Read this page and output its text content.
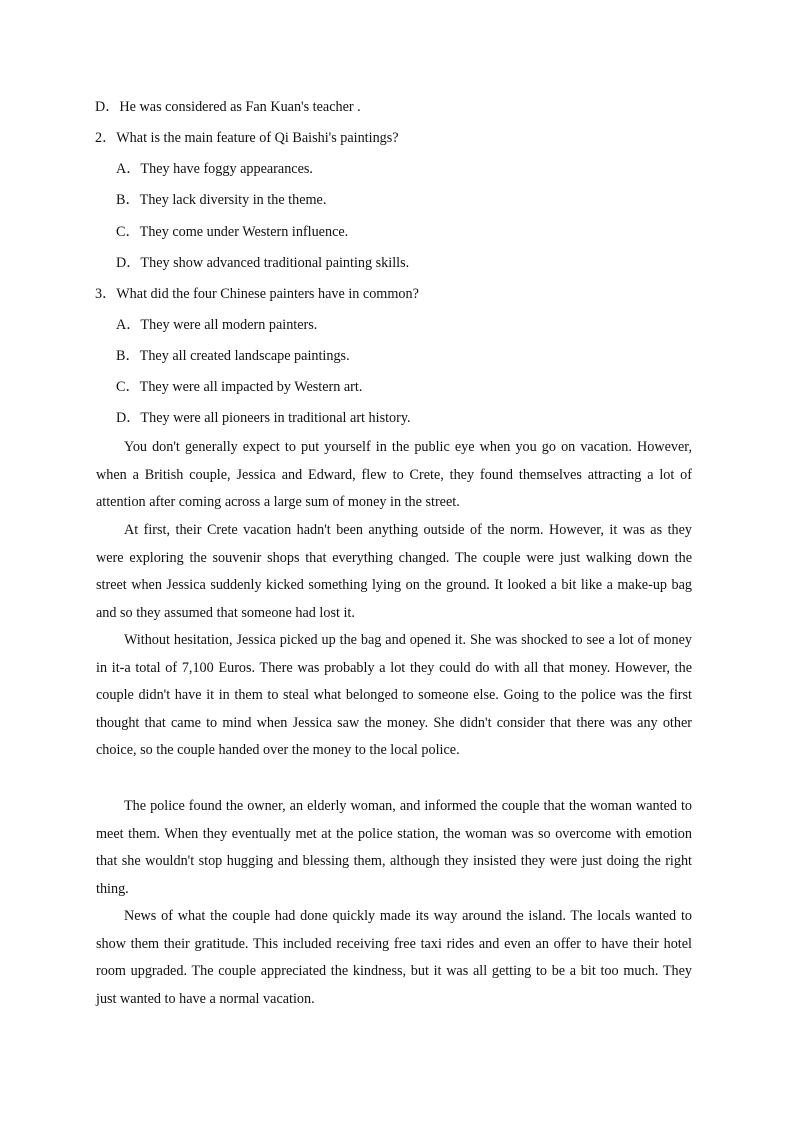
D．He was considered as Fan Kuan's teacher .
2．What is the main feature of Qi Baishi's paintings?
A．They have foggy appearances.
B．They lack diversity in the theme.
C．They come under Western influence.
D．They show advanced traditional painting skills.
3．What did the four Chinese painters have in common?
A．They were all modern painters.
B．They all created landscape paintings.
C．They were all impacted by Western art.
D．They were all pioneers in traditional art history.
You don't generally expect to put yourself in the public eye when you go on vacation. However, when a British couple, Jessica and Edward, flew to Crete, they found themselves attracting a lot of attention after coming across a large sum of money in the street.
At first, their Crete vacation hadn't been anything outside of the norm. However, it was as they were exploring the souvenir shops that everything changed. The couple were just walking down the street when Jessica suddenly kicked something lying on the ground. It looked a bit like a make-up bag and so they assumed that someone had lost it.
Without hesitation, Jessica picked up the bag and opened it. She was shocked to see a lot of money in it-a total of 7,100 Euros. There was probably a lot they could do with all that money. However, the couple didn't have it in them to steal what belonged to someone else. Going to the police was the first thought that came to mind when Jessica saw the money. She didn't consider that there was any other choice, so the couple handed over the money to the local police.
The police found the owner, an elderly woman, and informed the couple that the woman wanted to meet them. When they eventually met at the police station, the woman was so overcome with emotion that she wouldn't stop hugging and blessing them, although they insisted they were just doing the right thing.
News of what the couple had done quickly made its way around the island. The locals wanted to show them their gratitude. This included receiving free taxi rides and even an offer to have their hotel room upgraded. The couple appreciated the kindness, but it was all getting to be a bit too much. They just wanted to have a normal vacation.
